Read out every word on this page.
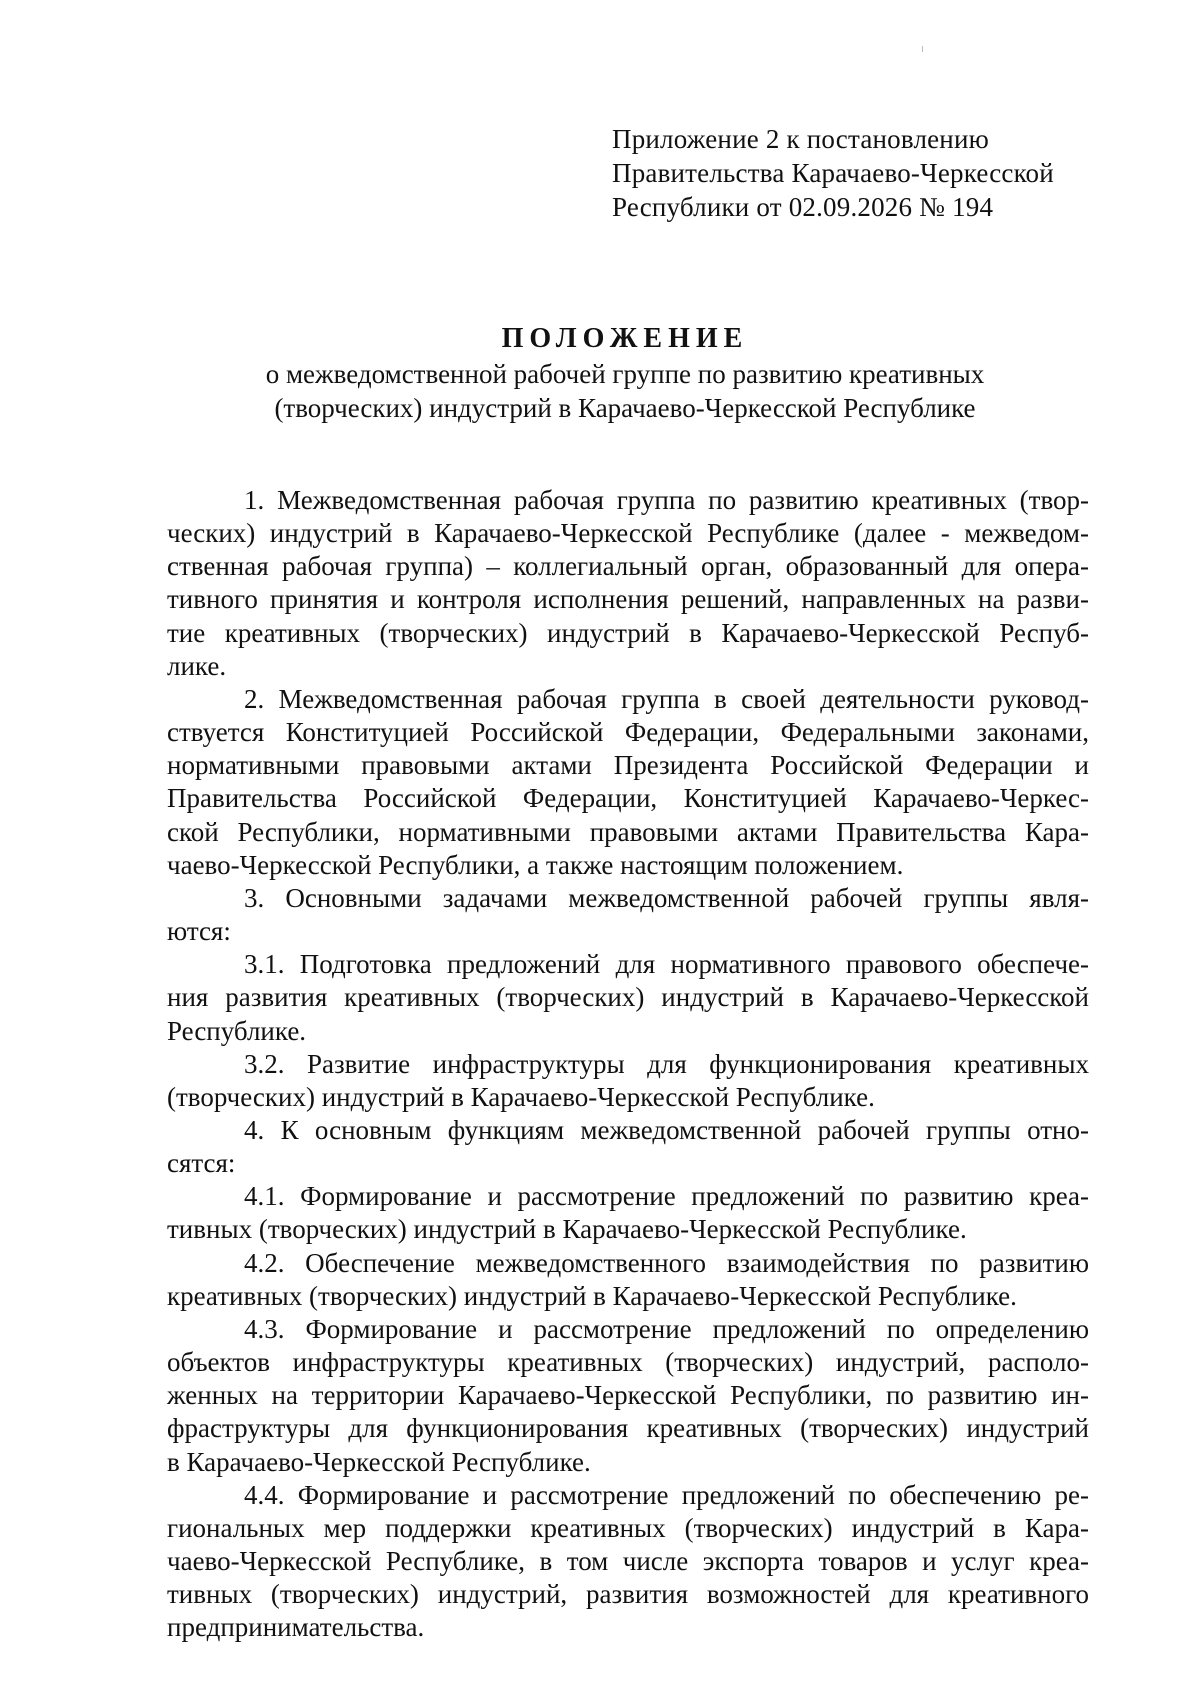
Приложение 2 к постановлению
Правительства Карачаево-Черкесской
Республики от 02.09.2026 № 194
ПОЛОЖЕНИЕ
о межведомственной рабочей группе по развитию креативных
(творческих) индустрий в Карачаево-Черкесской Республике
1. Межведомственная рабочая группа по развитию креативных (твор-
ческих) индустрий в Карачаево-Черкесской Республике (далее - межведом-
ственная рабочая группа) – коллегиальный орган, образованный для опера-
тивного принятия и контроля исполнения решений, направленных на разви-
тие креативных (творческих) индустрий в Карачаево-Черкесской Респуб-
лике.
2. Межведомственная рабочая группа в своей деятельности руковод-
ствуется Конституцией Российской Федерации, Федеральными законами,
нормативными правовыми актами Президента Российской Федерации и
Правительства Российской Федерации, Конституцией Карачаево-Черкес-
ской Республики, нормативными правовыми актами Правительства Кара-
чаево-Черкесской Республики, а также настоящим положением.
3. Основными задачами межведомственной рабочей группы явля-
ются:
3.1. Подготовка предложений для нормативного правового обеспече-
ния развития креативных (творческих) индустрий в Карачаево-Черкесской
Республике.
3.2. Развитие инфраструктуры для функционирования креативных
(творческих) индустрий в Карачаево-Черкесской Республике.
4. К основным функциям межведомственной рабочей группы отно-
сятся:
4.1. Формирование и рассмотрение предложений по развитию креа-
тивных (творческих) индустрий в Карачаево-Черкесской Республике.
4.2. Обеспечение межведомственного взаимодействия по развитию
креативных (творческих) индустрий в Карачаево-Черкесской Республике.
4.3. Формирование и рассмотрение предложений по определению
объектов инфраструктуры креативных (творческих) индустрий, располо-
женных на территории Карачаево-Черкесской Республики, по развитию ин-
фраструктуры для функционирования креативных (творческих) индустрий
в Карачаево-Черкесской Республике.
4.4. Формирование и рассмотрение предложений по обеспечению ре-
гиональных мер поддержки креативных (творческих) индустрий в Кара-
чаево-Черкесской Республике, в том числе экспорта товаров и услуг креа-
тивных (творческих) индустрий, развития возможностей для креативного
предпринимательства.
